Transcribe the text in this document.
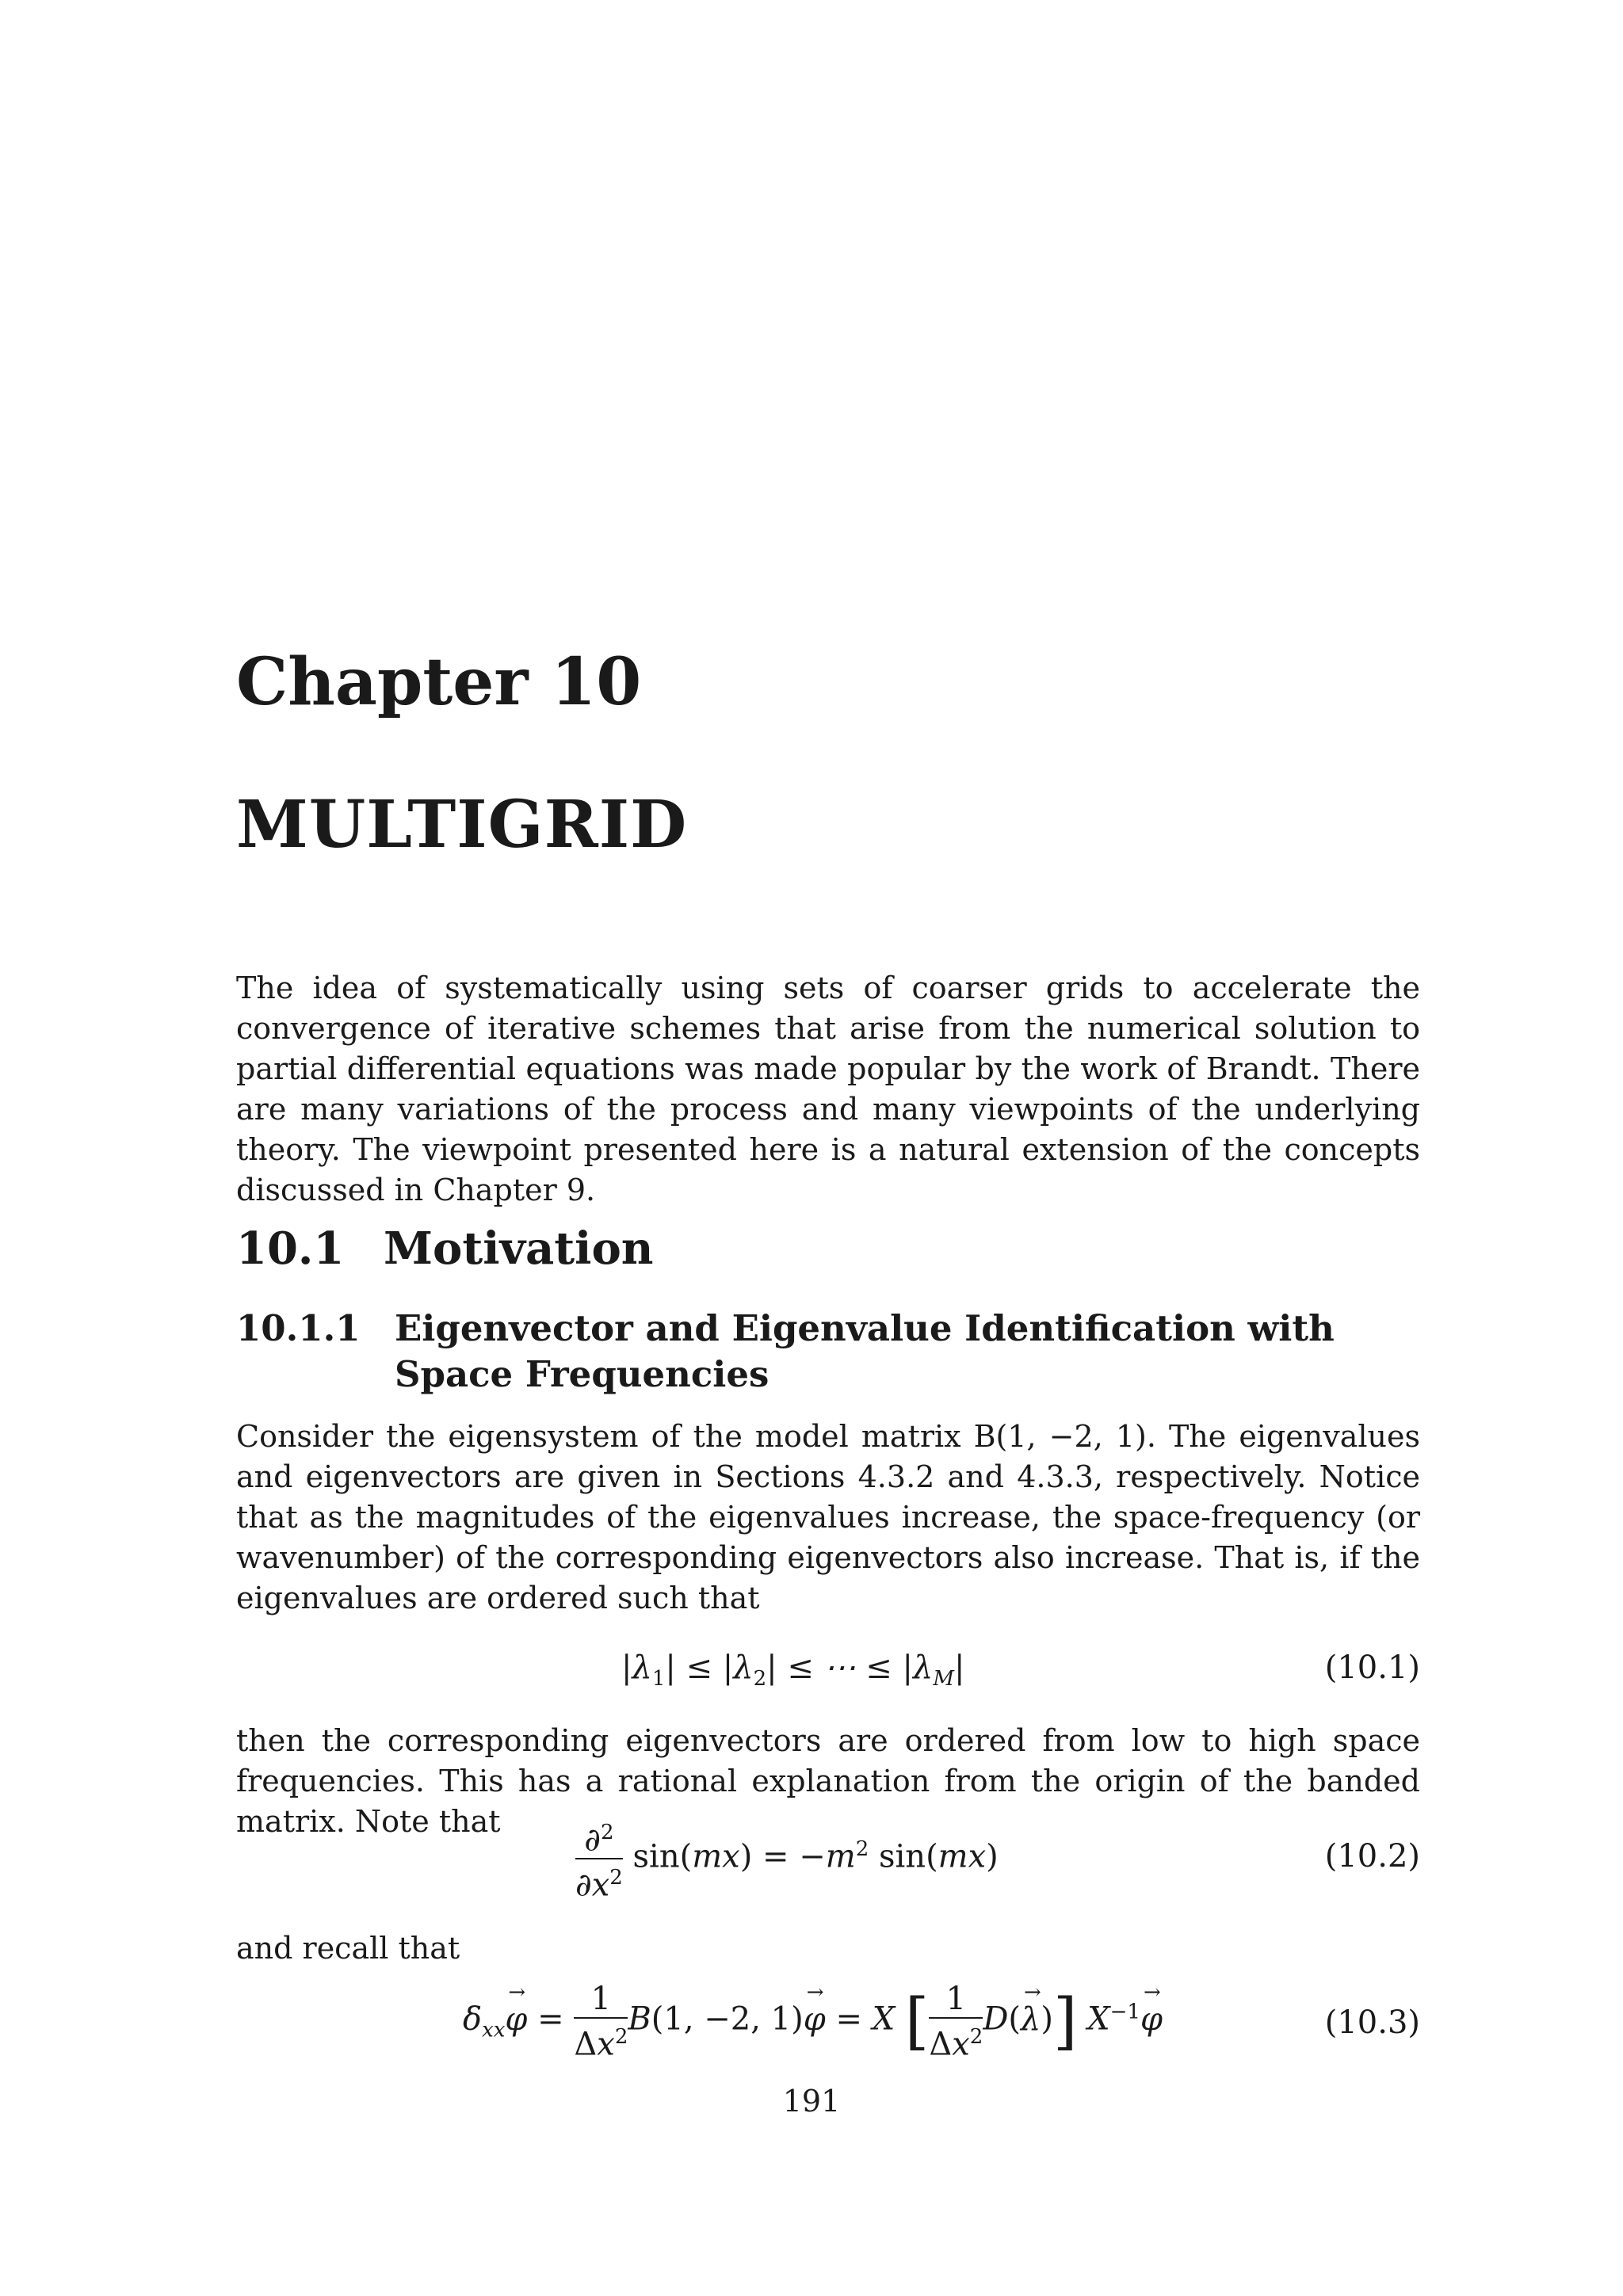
Chapter 10
MULTIGRID

The idea of systematically using sets of coarser grids to accelerate the convergence of iterative schemes that arise from the numerical solution to partial differential equations was made popular by the work of Brandt. There are many variations of the process and many viewpoints of the underlying theory. The viewpoint presented here is a natural extension of the concepts discussed in Chapter 9.

10.1 Motivation
10.1.1 Eigenvector and Eigenvalue Identification with Space Frequencies

Consider the eigensystem of the model matrix B(1, −2, 1). The eigenvalues and eigenvectors are given in Sections 4.3.2 and 4.3.3, respectively. Notice that as the magnitudes of the eigenvalues increase, the space-frequency (or wavenumber) of the corresponding eigenvectors also increase. That is, if the eigenvalues are ordered such that

$|\lambda_1| \le |\lambda_2|$ ≤ ⋯ ≤ $|\lambda_M|$	(10.1)

then the corresponding eigenvectors are ordered from low to high space frequencies. This has a rational explanation from the origin of the banded matrix. Note that	$\frac{\partial^2}{\partial x^2} \sin(mx) = -m^2$ sin(mx)	(10.2)

and recall that

$\delta_{xx}\to \varphi = \frac{1}{\Delta x^2} B(1$, −2, 1)→ φ = X [ $\frac{1}{\Delta x^2} D(\to \lambda)$] $X^{-1}\to \varphi$	(10.3)
191
